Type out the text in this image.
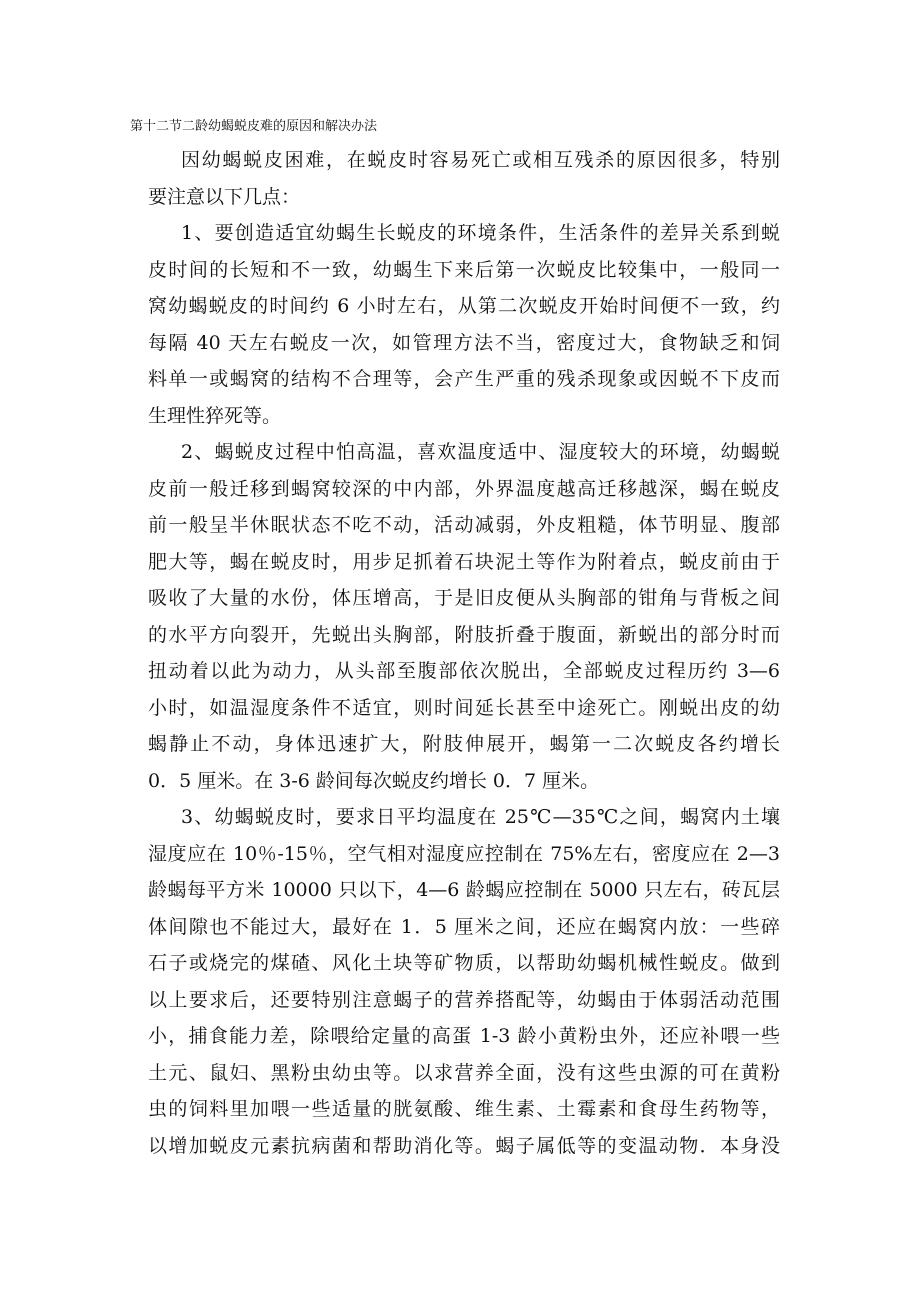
第十二节二龄幼蝎蜕皮难的原因和解决办法
因幼蝎蜕皮困难，在蜕皮时容易死亡或相互残杀的原因很多，特别
要注意以下几点：
1、要创造适宜幼蝎生长蜕皮的环境条件，生活条件的差异关系到蜕
皮时间的长短和不一致，幼蝎生下来后第一次蜕皮比较集中，一般同一
窝幼蝎蜕皮的时间约 6 小时左右，从第二次蜕皮开始时间便不一致，约
每隔 40 天左右蜕皮一次，如管理方法不当，密度过大，食物缺乏和饲
料单一或蝎窝的结构不合理等，会产生严重的残杀现象或因蜕不下皮而
生理性猝死等。
2、蝎蜕皮过程中怕高温，喜欢温度适中、湿度较大的环境，幼蝎蜕
皮前一般迁移到蝎窝较深的中内部，外界温度越高迁移越深，蝎在蜕皮
前一般呈半休眠状态不吃不动，活动减弱，外皮粗糙，体节明显、腹部
肥大等，蝎在蜕皮时，用步足抓着石块泥土等作为附着点，蜕皮前由于
吸收了大量的水份，体压增高，于是旧皮便从头胸部的钳角与背板之间
的水平方向裂开，先蜕出头胸部，附肢折叠于腹面，新蜕出的部分时而
扭动着以此为动力，从头部至腹部依次脱出，全部蜕皮过程历约 3—6
小时，如温湿度条件不适宜，则时间延长甚至中途死亡。刚蜕出皮的幼
蝎静止不动，身体迅速扩大，附肢伸展开，蝎第一二次蜕皮各约增长
0．5 厘米。在 3-6 龄间每次蜕皮约增长 0．7 厘米。
3、幼蝎蜕皮时，要求日平均温度在 25℃—35℃之间，蝎窝内土壤
湿度应在 10％-15％，空气相对湿度应控制在 75%左右，密度应在 2—3
龄蝎每平方米 10000 只以下，4—6 龄蝎应控制在 5000 只左右，砖瓦层
体间隙也不能过大，最好在 1．5 厘米之间，还应在蝎窝内放：一些碎
石子或烧完的煤碴、风化土块等矿物质，以帮助幼蝎机械性蜕皮。做到
以上要求后，还要特别注意蝎子的营养搭配等，幼蝎由于体弱活动范围
小，捕食能力差，除喂给定量的高蛋 1-3 龄小黄粉虫外，还应补喂一些
土元、鼠妇、黑粉虫幼虫等。以求营养全面，没有这些虫源的可在黄粉
虫的饲料里加喂一些适量的胱氨酸、维生素、土霉素和食母生药物等，
以增加蜕皮元素抗病菌和帮助消化等。蝎子属低等的变温动物．本身没
